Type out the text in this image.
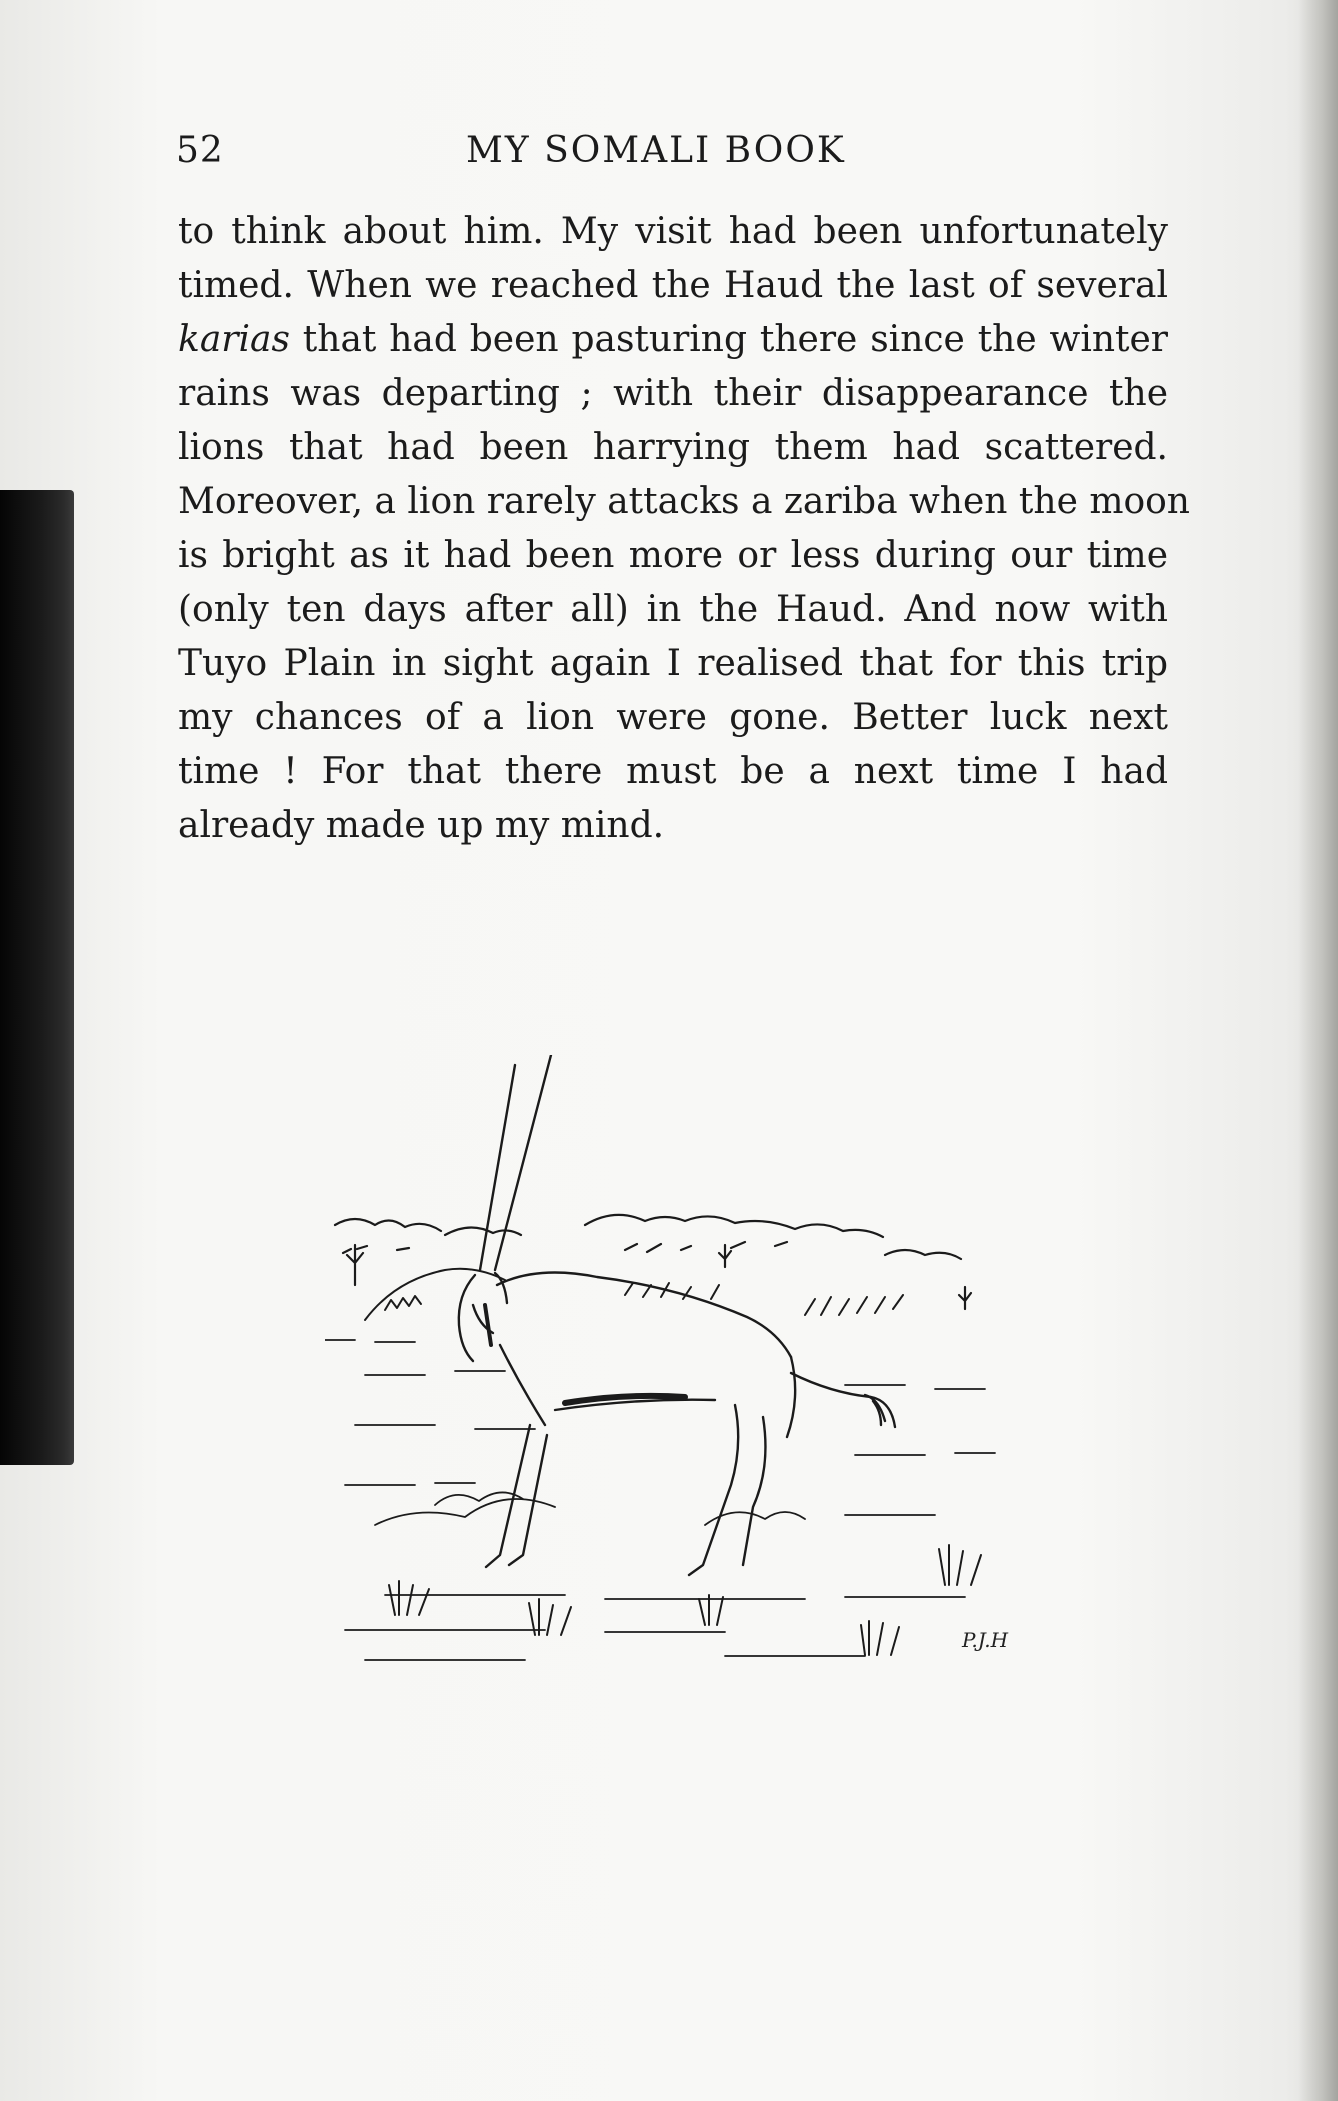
52	MY SOMALI BOOK
to think about him. My visit had been unfortunately
timed. When we reached the Haud the last of several
karias that had been pasturing there since the winter
rains was departing ; with their disappearance the
lions that had been harrying them had scattered.
Moreover, a lion rarely attacks a zariba when the moon
is bright as it had been more or less during our time
(only ten days after all) in the Haud. And now with
Tuyo Plain in sight again I realised that for this trip
my chances of a lion were gone. Better luck next
time ! For that there must be a next time I had
already made up my mind.
P.J.H
